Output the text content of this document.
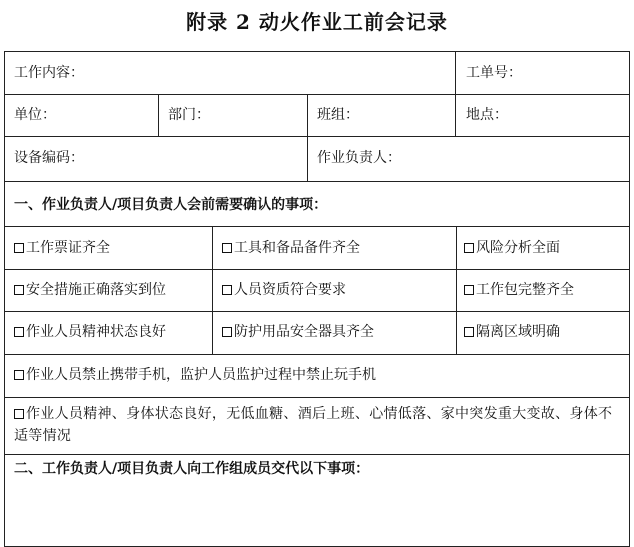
附录 2 动火作业工前会记录
工作内容：	工单号：
单位：	部门：	班组：	地点：
设备编码：	作业负责人：
一、作业负责人/项目负责人会前需要确认的事项：
工作票证齐全	工具和备品备件齐全	风险分析全面
安全措施正确落实到位	人员资质符合要求	工作包完整齐全
作业人员精神状态良好	防护用品安全器具齐全	隔离区域明确
作业人员禁止携带手机，监护人员监护过程中禁止玩手机
作业人员精神、身体状态良好，无低血糖、酒后上班、心情低落、家中突发重大变故、身体不适等情况
二、工作负责人/项目负责人向工作组成员交代以下事项：
